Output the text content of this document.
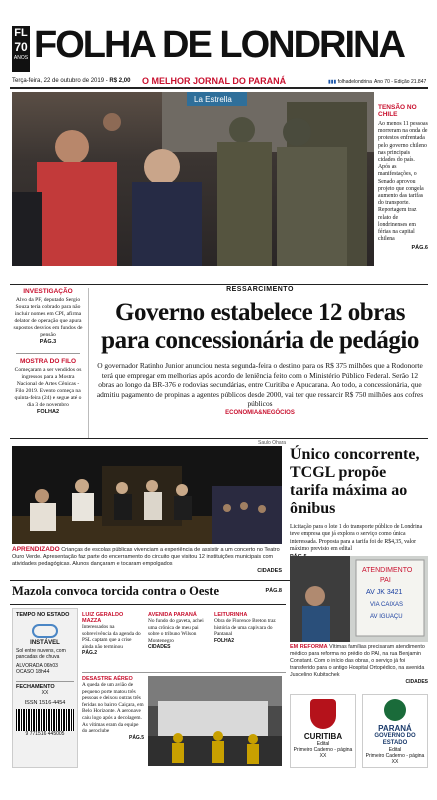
FL
70
ANOS FOLHA DE LONDRINA
Terça-feira, 22 de outubro de 2019 - R$ 2,00 O MELHOR JORNAL DO PARANÁ	▮▮▮ folhadelondrina Ano 70 - Edição 21.847
La Estrella
TENSÃO NO CHILE
Ao menos 11 pessoas morreram na onda de protestos enfrentada pelo governo chileno nas principais cidades do país. Após as manifestações, o Senado aprovou projeto que congela aumento das tarifas do transporte. Reportagem traz relato de londrinenses em férias na capital chilena
PÁG.6
INVESTIGAÇÃO
Alvo da PF, deputado Sergio Souza teria cobrado para não incluir nomes em CPI, afirma delator de operação que apura supostos desvios em fundos de pensão
PÁG.3
MOSTRA DO FILO
Começaram a ser vendidos os ingressos para a Mostra Nacional de Artes Cênicas - Filo 2019. Evento começa na quinta-feira (24) e segue até o dia 3 de novembro
FOLHA2
RESSARCIMENTO
Governo estabelece 12 obras
para concessionária de pedágio
O governador Ratinho Junior anunciou nesta segunda-feira o destino para os R$ 375 milhões que a Rodonorte terá que empregar em melhorias após acordo de leniência feito com o Ministério Público Federal. Serão 12 obras ao longo da BR-376 e rodovias secundárias, entre Curitiba e Apucarana. Ao todo, a concessionária, que admitiu pagamento de propinas a agentes públicos desde 2000, vai ter que ressarcir R$ 750 milhões aos cofres públicos
ECONOMIA&NEGÓCIOS
Saulo Ohara
APRENDIZADO Crianças de escolas públicas vivenciam a experiência de assistir a um concerto no Teatro Ouro Verde. Apresentação faz parte do encerramento do circuito que visitou 12 instituições municipais com atividades pedagógicas. Alunos dançaram e tocaram empolgados
CIDADES
Único concorrente, TCGL propõe tarifa máxima ao ônibus
Licitação para o lote 1 do transporte público de Londrina teve empresa que já explora o serviço como única interessada. Proposta para a tarifa foi de R$4,35, valor máximo previsto em edital
Mazola convoca torcida contra o Oeste	PÁG.8
TEMPO NO ESTADO
INSTÁVEL
Sol entre nuvens, com pancadas de chuva
ALVORADA 06h03
OCASO 18h44
FECHAMENTO
XX
ISSN 1516-4454
9 771516 445005
LUIZ GERALDO MAZZA
Interessados na sobrevivência da agenda do PSL captam que a crise ainda não terminou
PÁG.2
AVENIDA PARANÁ
No fundo do gaveta, achei uma crônica de meu pai sobre o tribuno Wilson Montenegro
CIDADES
LEITURINHA
Obra de Florence Breton traz história de uma capivara do Pantanal
FOLHA2
DESASTRE AÉREO
A queda de um avião de pequeno porte matou três pessoas e deixou outras três feridas no bairro Caiçara, em Belo Horizonte. A aeronave caiu logo após a decolagem. As vítimas eram da equipe do aeroclube
PÁG.5
ATENDIMENTO
PAI
AV JK 3421
VIA CAIXAS
AV IGUAÇU
EM REFORMA Vítimas famílias precisaram atendimento médico para reforma no prédio do PAI, na rua Benjamin Constant. Com o início das obras, o serviço já foi transferido para o antigo Hospital Ortopédico, na avenida Juscelino Kubitschek
CIDADES
CURITIBA
Edital
Primeiro Caderno - página XX
PARANÁ
GOVERNO DO ESTADO
Edital
Primeiro Caderno - página XX
